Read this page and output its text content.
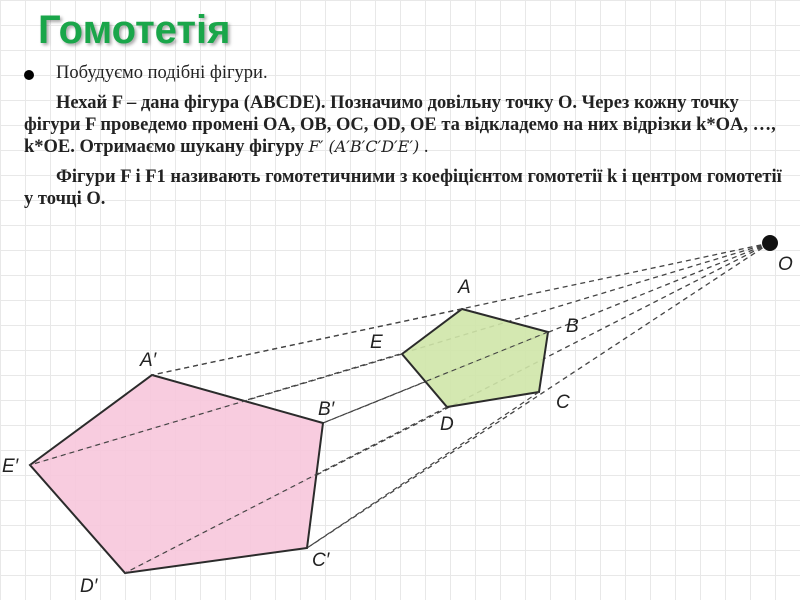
Гомотетія

Побудуємо подібні фігури.

Нехай F – дана фігура (ABCDE). Позначимо довільну точку O. Через кожну точку фігури F проведемо промені OA, OB, OC, OD, OE та відкладемо на них відрізки k*OA, …, k*OE. Отримаємо шукану фігуру F′ (A′B′C′D′E′) .

Фігури F і F1 називають гомотетичними з коефіцієнтом гомотетії k і центром гомотетії у точці O.

O
A
B
C
D
E
A′
B′
C′
D′
E′
